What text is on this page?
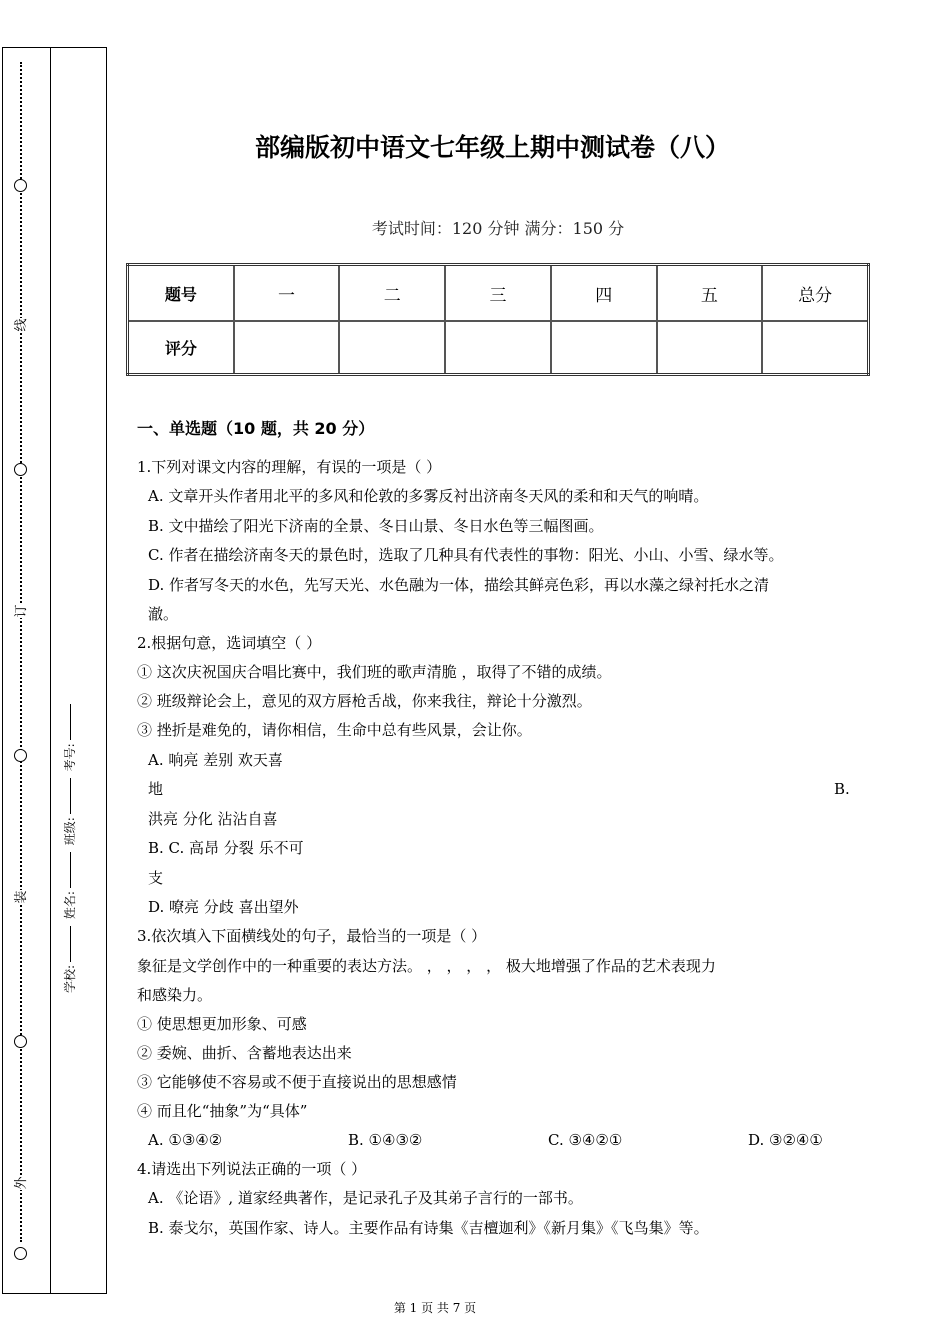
线
订
装
外
学校: 姓名: 班级: 考号:
部编版初中语文七年级上期中测试卷（八）
考试时间：120 分钟 满分：150 分
题号	一	二	三	四	五	总分
评分						
一、单选题（10 题，共 20 分）
1.下列对课文内容的理解，有误的一项是（ ）
A. 文章开头作者用北平的多风和伦敦的多雾反衬出济南冬天风的柔和和天气的响晴。
B. 文中描绘了阳光下济南的全景、冬日山景、冬日水色等三幅图画。
C. 作者在描绘济南冬天的景色时，选取了几种具有代表性的事物：阳光、小山、小雪、绿水等。
D. 作者写冬天的水色，先写天光、水色融为一体，描绘其鲜亮色彩，再以水藻之绿衬托水之清
澈。
2.根据句意，选词填空（ ）
① 这次庆祝国庆合唱比赛中，我们班的歌声清脆 ，取得了不错的成绩。
② 班级辩论会上，意见的双方唇枪舌战，你来我往，辩论十分激烈。
③ 挫折是难免的，请你相信，生命中总有些风景，会让你。
A. 响亮 差别 欢天喜
地	B.
洪亮 分化 沾沾自喜
B. C. 高昂 分裂 乐不可
支
D. 嘹亮 分歧 喜出望外
3.依次填入下面横线处的句子，最恰当的一项是（ ）
象征是文学创作中的一种重要的表达方法。 ， ， ， ， 极大地增强了作品的艺术表现力
和感染力。
① 使思想更加形象、可感
② 委婉、曲折、含蓄地表达出来
③ 它能够使不容易或不便于直接说出的思想感情
④ 而且化“抽象”为“具体”
A. ①③④②	B. ①④③②	C. ③④②①	D. ③②④①
4.请选出下列说法正确的一项（ ）
A. 《论语》, 道家经典著作，是记录孔子及其弟子言行的一部书。
B. 泰戈尔，英国作家、诗人。主要作品有诗集《吉檀迦利》《新月集》《飞鸟集》等。
第 1 页 共 7 页
